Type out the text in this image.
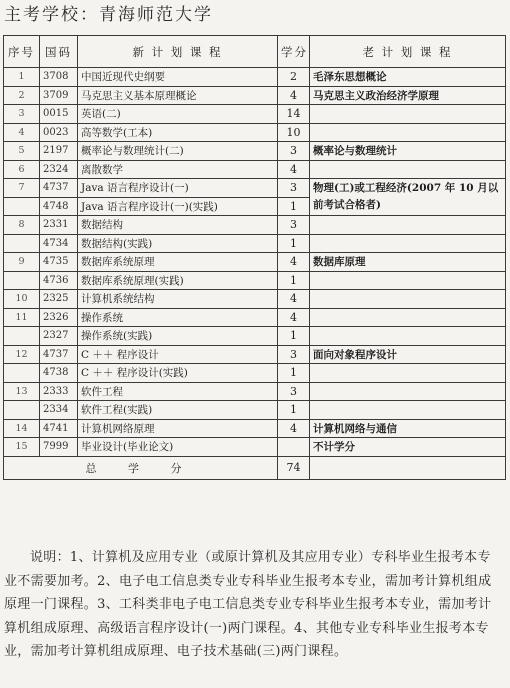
主考学校：青海师范大学
序号	国码	新 计 划 课 程	学分	老 计 划 课 程
1	3708	中国近现代史纲要	2	毛泽东思想概论
2	3709	马克思主义基本原理概论	4	马克思主义政治经济学原理
3	0015	英语(二)	14	
4	0023	高等数学(工本)	10	
5	2197	概率论与数理统计(二)	3	概率论与数理统计
6	2324	离散数学	4	
7	4737	Java 语言程序设计(一)	3	物理(工)或工程经济(2007 年 10 月以前考试合格者)
	4748	Java 语言程序设计(一)(实践)	1	
8	2331	数据结构	3	
	4734	数据结构(实践)	1	
9	4735	数据库系统原理	4	数据库原理
	4736	数据库系统原理(实践)	1	
10	2325	计算机系统结构	4	
11	2326	操作系统	4	
	2327	操作系统(实践)	1	
12	4737	C ＋＋ 程序设计	3	面向对象程序设计
	4738	C ＋＋ 程序设计(实践)	1	
13	2333	软件工程	3	
	2334	软件工程(实践)	1	
14	4741	计算机网络原理	4	计算机网络与通信
15	7999	毕业设计(毕业论文)		不计学分
总 学 分			74	
说明：1、计算机及应用专业（或原计算机及其应用专业）专科毕业生报考本专业不需要加考。2、电子电工信息类专业专科毕业生报考本专业，需加考计算机组成原理一门课程。3、工科类非电子电工信息类专业专科毕业生报考本专业，需加考计算机组成原理、高级语言程序设计(一)两门课程。4、其他专业专科毕业生报考本专业，需加考计算机组成原理、电子技术基础(三)两门课程。
